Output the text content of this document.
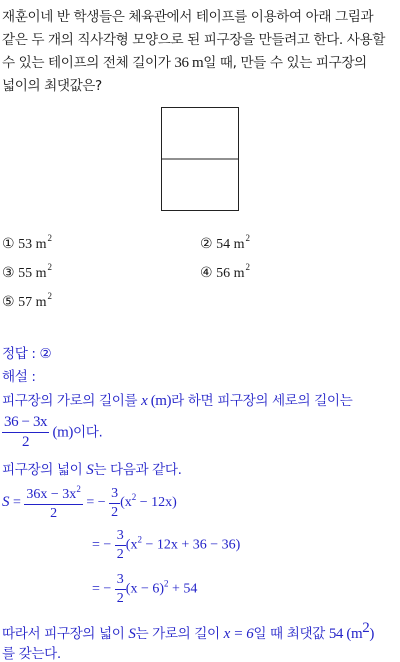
재훈이네 반 학생들은 체육관에서 테이프를 이용하여 아래 그림과 같은 두 개의 직사각형 모양으로 된 피구장을 만들려고 한다. 사용할 수 있는 테이프의 전체 길이가 36 m일 때, 만들 수 있는 피구장의 넓이의 최댓값은?
① 53 $m^2$	② 54 $m^2$
③ 55 $m^2$	④ 56 $m^2$
⑤ 57 $m^2$
정답 : ②
해설 :
피구장의 가로의 길이를 x (m)라 하면 피구장의 세로의 길이는
$\frac{36 - 3x}{2} (m)$이다.
피구장의 넓이 S는 다음과 같다.
$S = \frac{36x - 3x^2}{2}$ = − $\frac{3}{2} (x^2 - 12x)$
= − $\frac{3}{2} (x^2 - 12x + 36 - 36)$
= − $\frac{3}{2} (x - 6)^2 + 54$
따라서 피구장의 넓이 S는 가로의 길이 x = 6일 때 최댓값 54 $(m^2)$
를 갖는다.
